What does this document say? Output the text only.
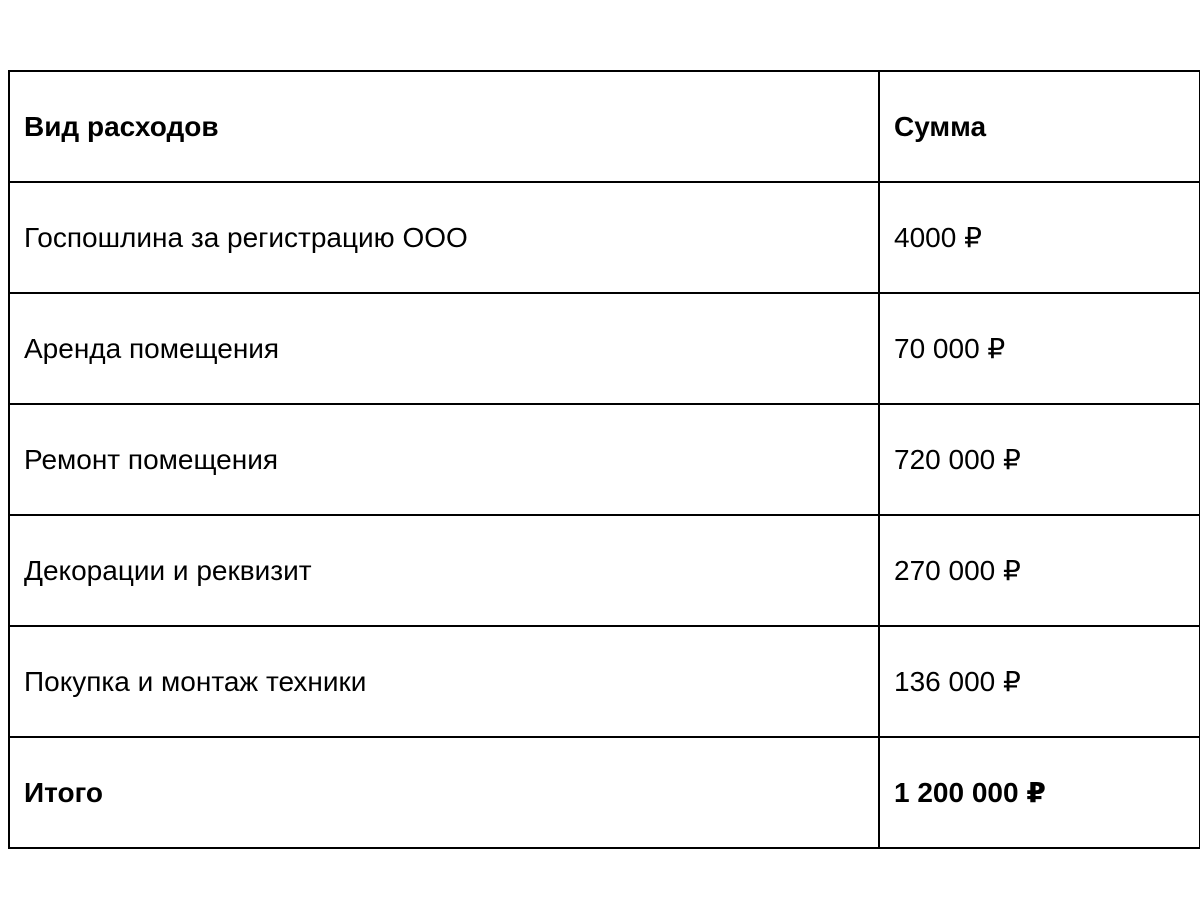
Вид расходов	Сумма
Госпошлина за регистрацию ООО	4000 ₽
Аренда помещения	70 000 ₽
Ремонт помещения	720 000 ₽
Декорации и реквизит	270 000 ₽
Покупка и монтаж техники	136 000 ₽
Итого	1 200 000 ₽
